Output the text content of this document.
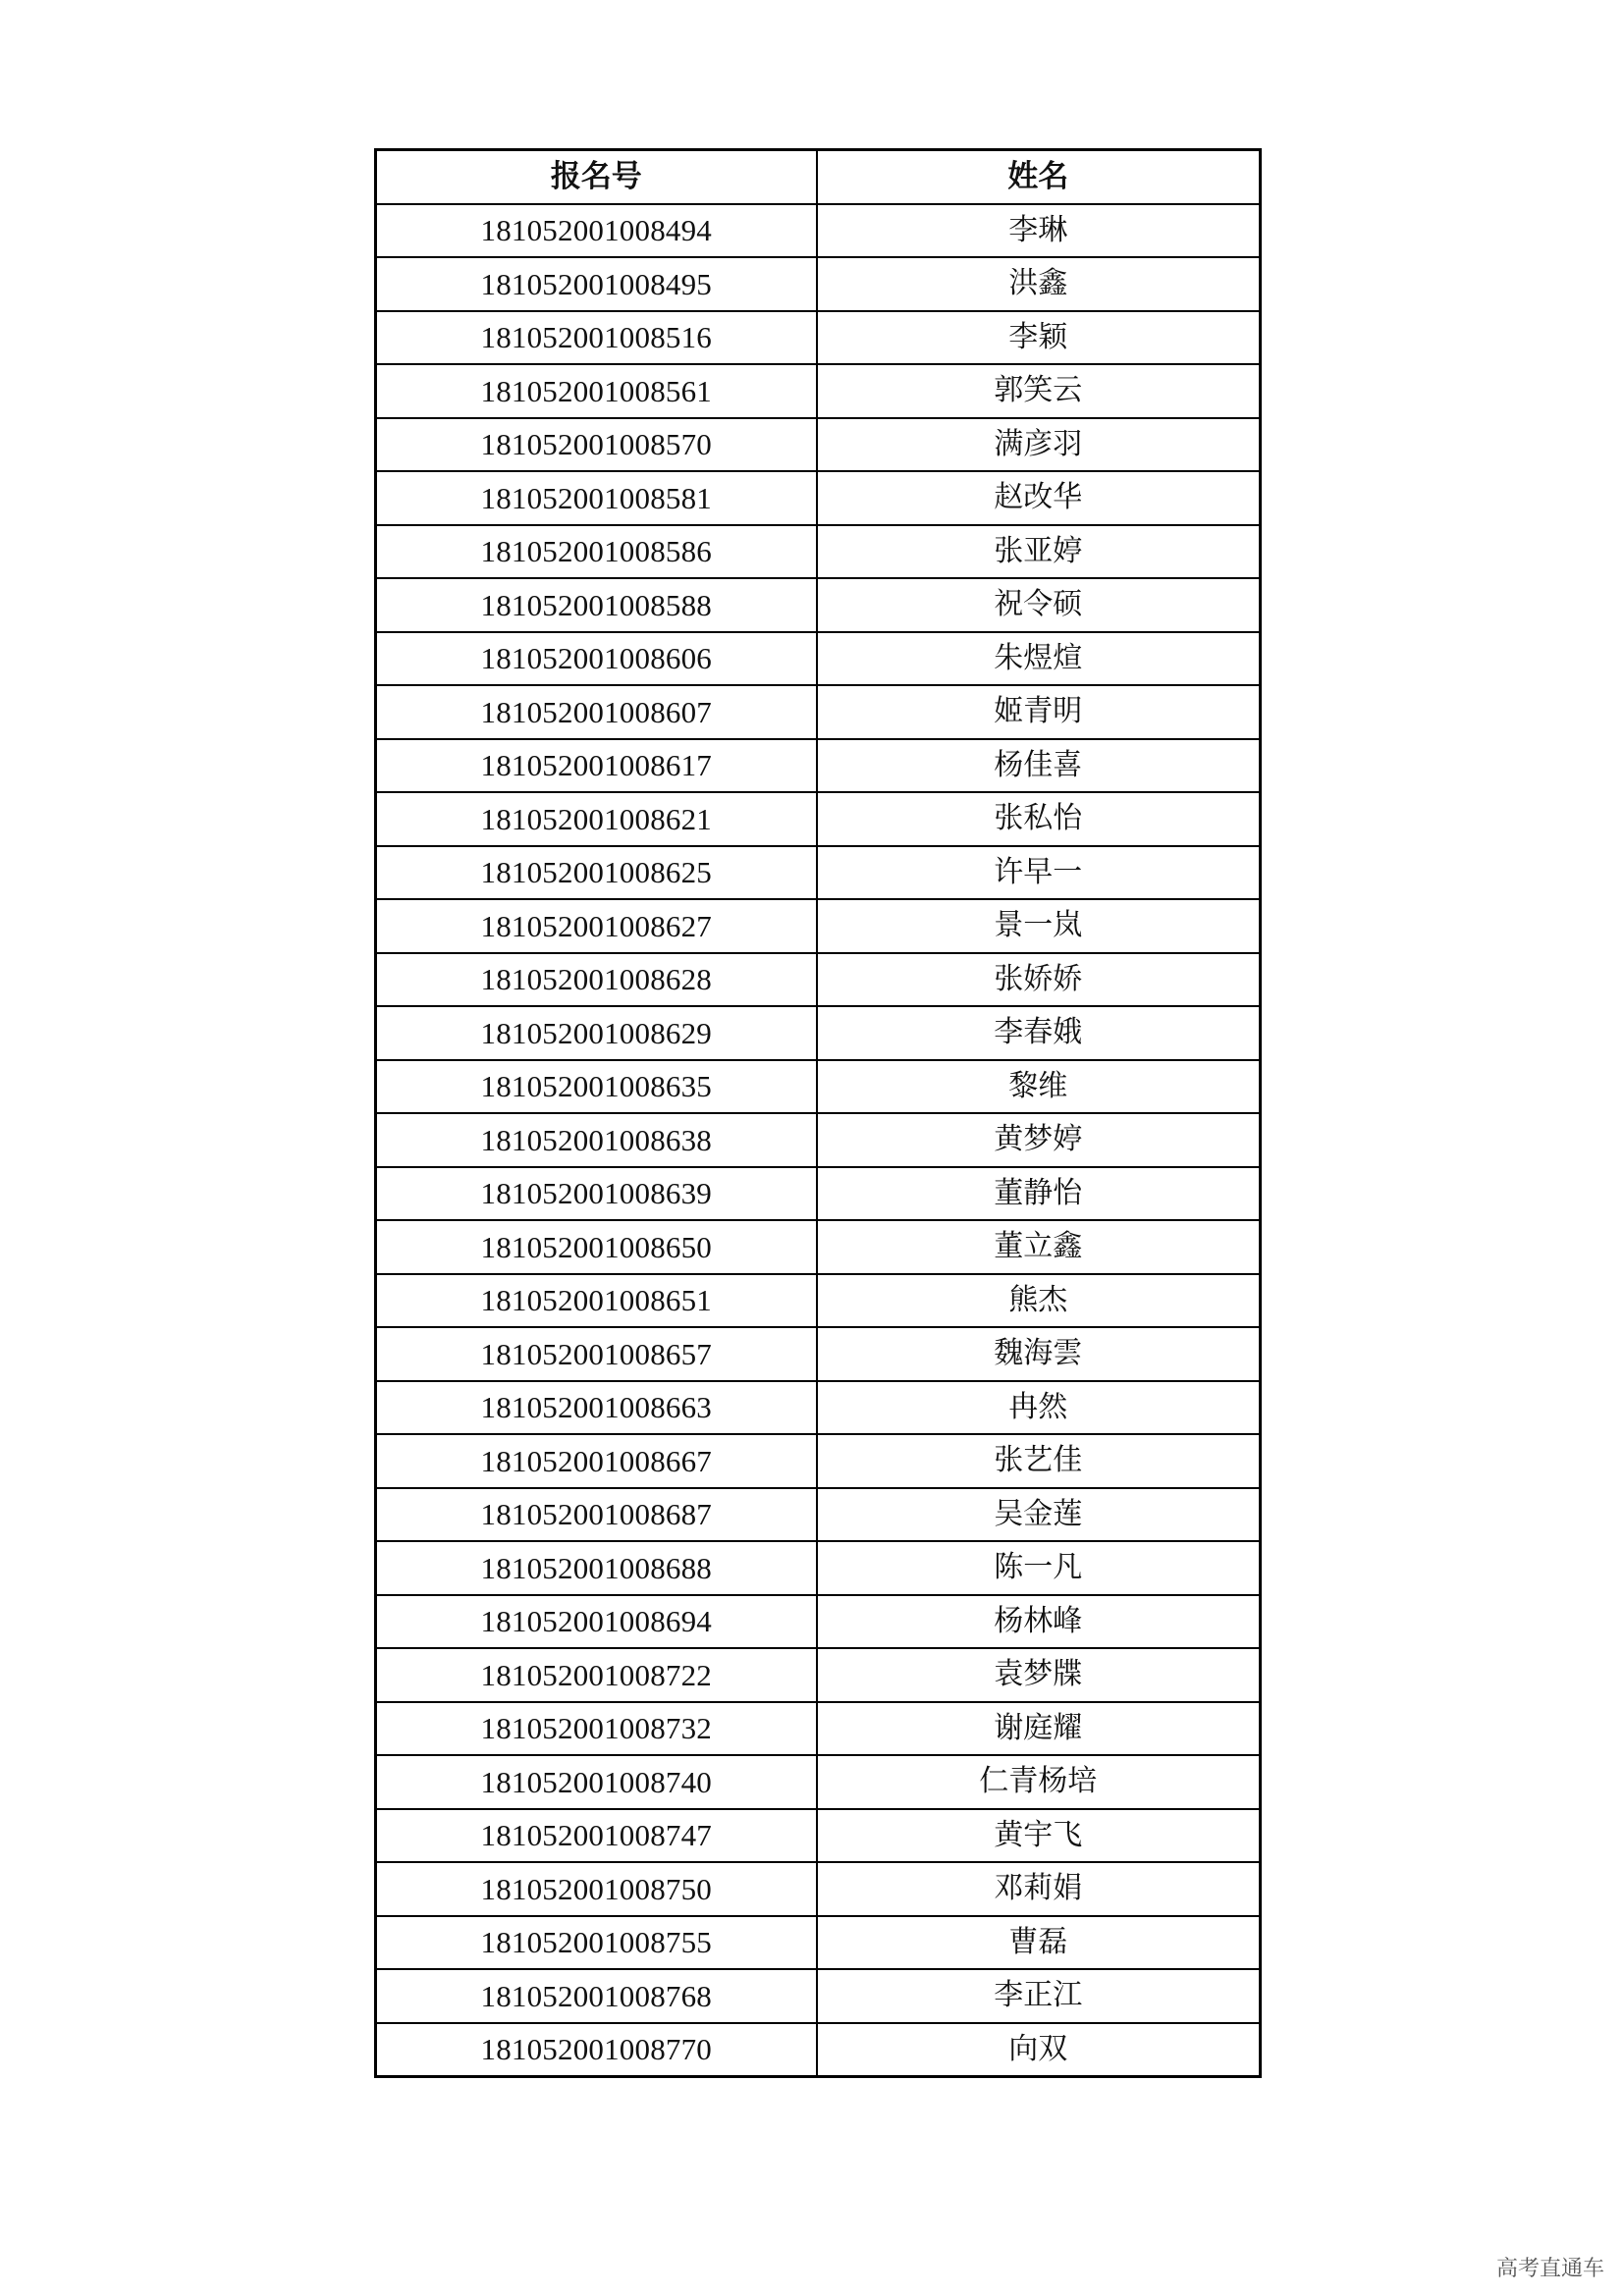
报名号	姓名
181052001008494	李琳
181052001008495	洪鑫
181052001008516	李颖
181052001008561	郭笑云
181052001008570	满彦羽
181052001008581	赵改华
181052001008586	张亚婷
181052001008588	祝令硕
181052001008606	朱煜煊
181052001008607	姬青明
181052001008617	杨佳喜
181052001008621	张私怡
181052001008625	许早一
181052001008627	景一岚
181052001008628	张娇娇
181052001008629	李春娥
181052001008635	黎维
181052001008638	黄梦婷
181052001008639	董静怡
181052001008650	董立鑫
181052001008651	熊杰
181052001008657	魏海雲
181052001008663	冉然
181052001008667	张艺佳
181052001008687	吴金莲
181052001008688	陈一凡
181052001008694	杨林峰
181052001008722	袁梦牒
181052001008732	谢庭耀
181052001008740	仁青杨培
181052001008747	黄宇飞
181052001008750	邓莉娟
181052001008755	曹磊
181052001008768	李正江
181052001008770	向双
高考直通车
